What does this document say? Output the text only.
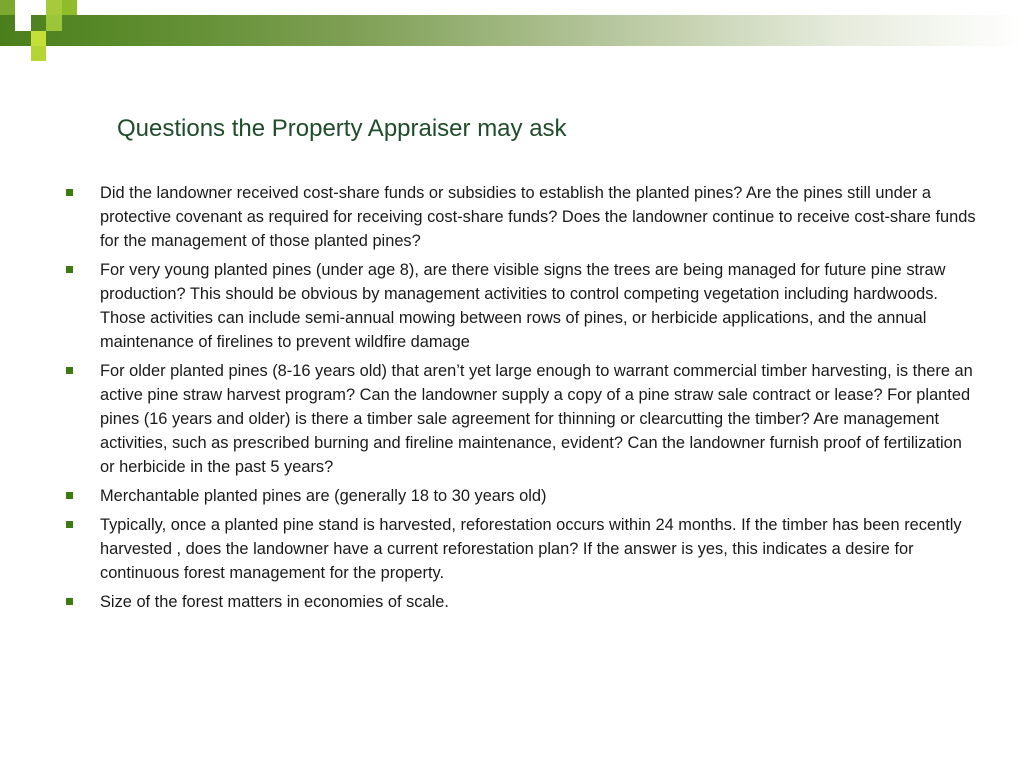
Questions the Property Appraiser may ask
Did the landowner received cost-share funds or subsidies to establish the planted pines? Are the pines still under a protective covenant as required for receiving cost-share funds? Does the landowner continue to receive cost-share funds for the management of those planted pines?
For very young planted pines (under age 8), are there visible signs the trees are being managed for future pine straw production? This should be obvious by management activities to control competing vegetation including hardwoods. Those activities can include semi-annual mowing between rows of pines, or herbicide applications, and the annual maintenance of firelines to prevent wildfire damage
For older planted pines (8-16 years old) that aren’t yet large enough to warrant commercial timber harvesting, is there an active pine straw harvest program? Can the landowner supply a copy of a pine straw sale contract or lease? For planted pines (16 years and older) is there a timber sale agreement for thinning or clearcutting the timber? Are management activities, such as prescribed burning and fireline maintenance, evident? Can the landowner furnish proof of fertilization or herbicide in the past 5 years?
Merchantable planted pines are (generally 18 to 30 years old)
Typically, once a planted pine stand is harvested, reforestation occurs within 24 months. If the timber has been recently harvested , does the landowner have a current reforestation plan? If the answer is yes, this indicates a desire for continuous forest management for the property.
Size of the forest matters in economies of scale.
